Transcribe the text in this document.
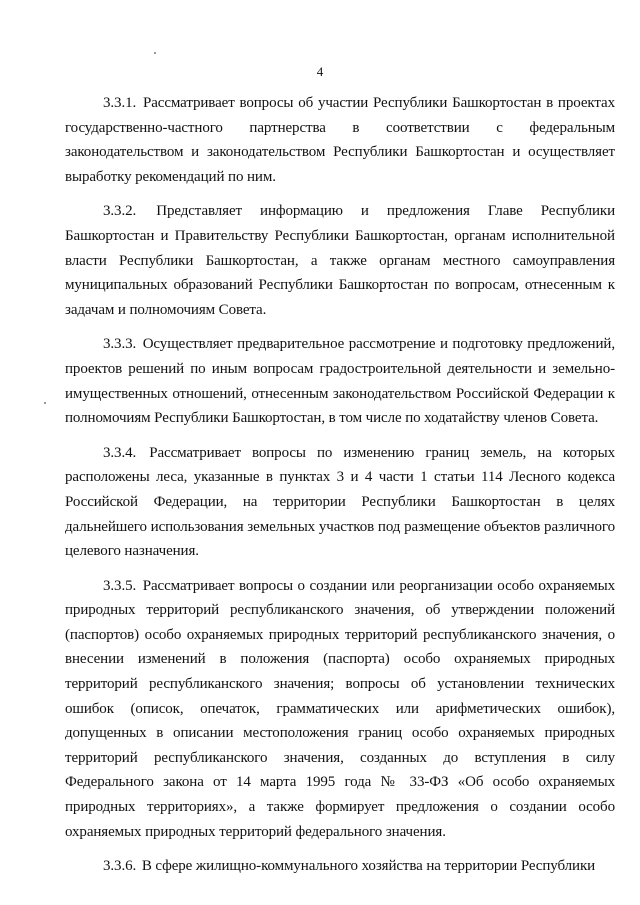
4

3.3.1. Рассматривает вопросы об участии Республики Башкортостан в проектах государственно-частного партнерства в соответствии с федеральным законодательством и законодательством Республики Башкортостан и осуществляет выработку рекомендаций по ним.

3.3.2. Представляет информацию и предложения Главе Республики Башкортостан и Правительству Республики Башкортостан, органам исполнительной власти Республики Башкортостан, а также органам местного самоуправления муниципальных образований Республики Башкортостан по вопросам, отнесенным к задачам и полномочиям Совета.

3.3.3. Осуществляет предварительное рассмотрение и подготовку предложений, проектов решений по иным вопросам градостроительной деятельности и земельно-имущественных отношений, отнесенным законодательством Российской Федерации к полномочиям Республики Башкортостан, в том числе по ходатайству членов Совета.

3.3.4. Рассматривает вопросы по изменению границ земель, на которых расположены леса, указанные в пунктах 3 и 4 части 1 статьи 114 Лесного кодекса Российской Федерации, на территории Республики Башкортостан в целях дальнейшего использования земельных участков под размещение объектов различного целевого назначения.

3.3.5. Рассматривает вопросы о создании или реорганизации особо охраняемых природных территорий республиканского значения, об утверждении положений (паспортов) особо охраняемых природных территорий республиканского значения, о внесении изменений в положения (паспорта) особо охраняемых природных территорий республиканского значения; вопросы об установлении технических ошибок (описок, опечаток, грамматических или арифметических ошибок), допущенных в описании местоположения границ особо охраняемых природных территорий республиканского значения, созданных до вступления в силу Федерального закона от 14 марта 1995 года № 33-ФЗ «Об особо охраняемых природных территориях», а также формирует предложения о создании особо охраняемых природных территорий федерального значения.

3.3.6. В сфере жилищно-коммунального хозяйства на территории Республики
